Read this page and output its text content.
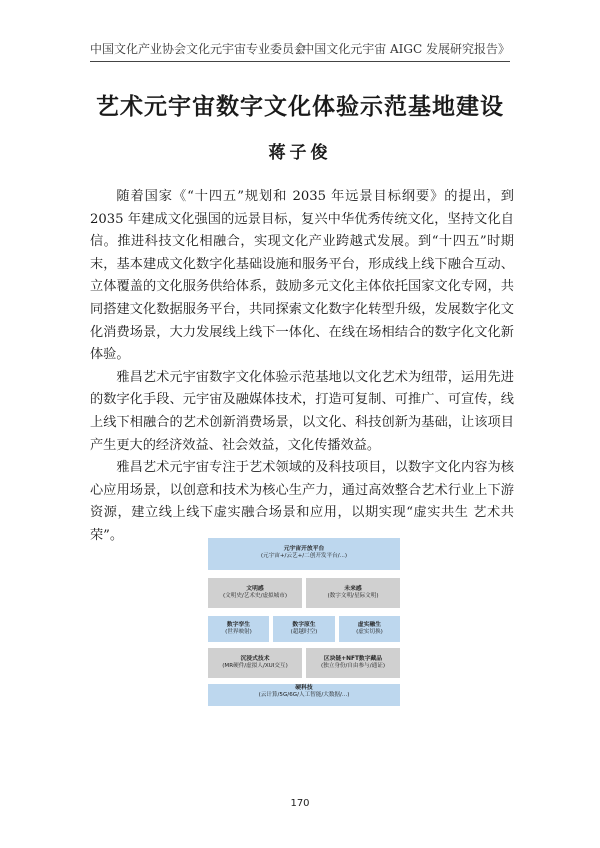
中国文化产业协会文化元宇宙专业委员会
《中国文化元宇宙 AIGC 发展研究报告》
艺术元宇宙数字文化体验示范基地建设
蒋子俊

随着国家《“十四五”规划和 2035 年远景目标纲要》的提出，到 2035 年建成文化强国的远景目标，复兴中华优秀传统文化，坚持文化自信。推进科技文化相融合，实现文化产业跨越式发展。到“十四五”时期末，基本建成文化数字化基础设施和服务平台，形成线上线下融合互动、立体覆盖的文化服务供给体系，鼓励多元文化主体依托国家文化专网，共同搭建文化数据服务平台，共同探索文化数字化转型升级，发展数字化文化消费场景，大力发展线上线下一体化、在线在场相结合的数字化文化新体验。

雅昌艺术元宇宙数字文化体验示范基地以文化艺术为纽带，运用先进的数字化手段、元宇宙及融媒体技术，打造可复制、可推广、可宣传，线上线下相融合的艺术创新消费场景，以文化、科技创新为基础，让该项目产生更大的经济效益、社会效益，文化传播效益。

雅昌艺术元宇宙专注于艺术领域的及科技项目，以数字文化内容为核心应用场景，以创意和技术为核心生产力，通过高效整合艺术行业上下游资源，建立线上线下虚实融合场景和应用，以期实现“虚实共生 艺术共荣”。

元宇宙开放平台
(元宇宙+/云艺+/二创开发平台/...)
文明感
(文明史/艺术史/虚拟城市)
未来感
(数字文明/星际文明)
数字孪生
(世界映射)
数字原生
(超越时空)
虚实融生
(虚实切换)
沉浸式技术
(MR硬件/虚拟人/XUI交互)
区块链+NFT数字藏品
(独立身份/自由参与/通证)
硬科技
(云计算/5G/6G/人工智能/大数据/...)
170
